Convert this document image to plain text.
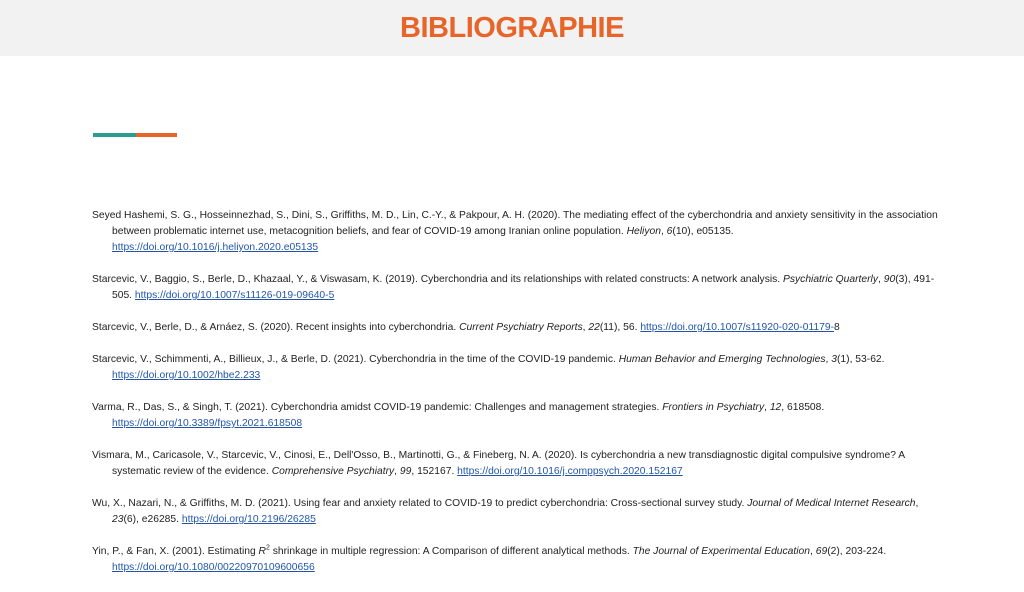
BIBLIOGRAPHIE

Seyed Hashemi, S. G., Hosseinnezhad, S., Dini, S., Griffiths, M. D., Lin, C.-Y., & Pakpour, A. H. (2020). The mediating effect of the cyberchondria and anxiety sensitivity in the association between problematic internet use, metacognition beliefs, and fear of COVID-19 among Iranian online population. Heliyon, 6(10), e05135. https://doi.org/10.1016/j.heliyon.2020.e05135

Starcevic, V., Baggio, S., Berle, D., Khazaal, Y., & Viswasam, K. (2019). Cyberchondria and its relationships with related constructs: A network analysis. Psychiatric Quarterly, 90(3), 491-505. https://doi.org/10.1007/s11126-019-09640-5

Starcevic, V., Berle, D., & Arnáez, S. (2020). Recent insights into cyberchondria. Current Psychiatry Reports, 22(11), 56. https://doi.org/10.1007/s11920-020-01179-8

Starcevic, V., Schimmenti, A., Billieux, J., & Berle, D. (2021). Cyberchondria in the time of the COVID-19 pandemic. Human Behavior and Emerging Technologies, 3(1), 53-62. https://doi.org/10.1002/hbe2.233

Varma, R., Das, S., & Singh, T. (2021). Cyberchondria amidst COVID-19 pandemic: Challenges and management strategies. Frontiers in Psychiatry, 12, 618508. https://doi.org/10.3389/fpsyt.2021.618508

Vismara, M., Caricasole, V., Starcevic, V., Cinosi, E., Dell'Osso, B., Martinotti, G., & Fineberg, N. A. (2020). Is cyberchondria a new transdiagnostic digital compulsive syndrome? A systematic review of the evidence. Comprehensive Psychiatry, 99, 152167. https://doi.org/10.1016/j.comppsych.2020.152167

Wu, X., Nazari, N., & Griffiths, M. D. (2021). Using fear and anxiety related to COVID-19 to predict cyberchondria: Cross-sectional survey study. Journal of Medical Internet Research, 23(6), e26285. https://doi.org/10.2196/26285

Yin, P., & Fan, X. (2001). Estimating $R^2$ shrinkage in multiple regression: A Comparison of different analytical methods. The Journal of Experimental Education, 69(2), 203-224. https://doi.org/10.1080/00220970109600656
